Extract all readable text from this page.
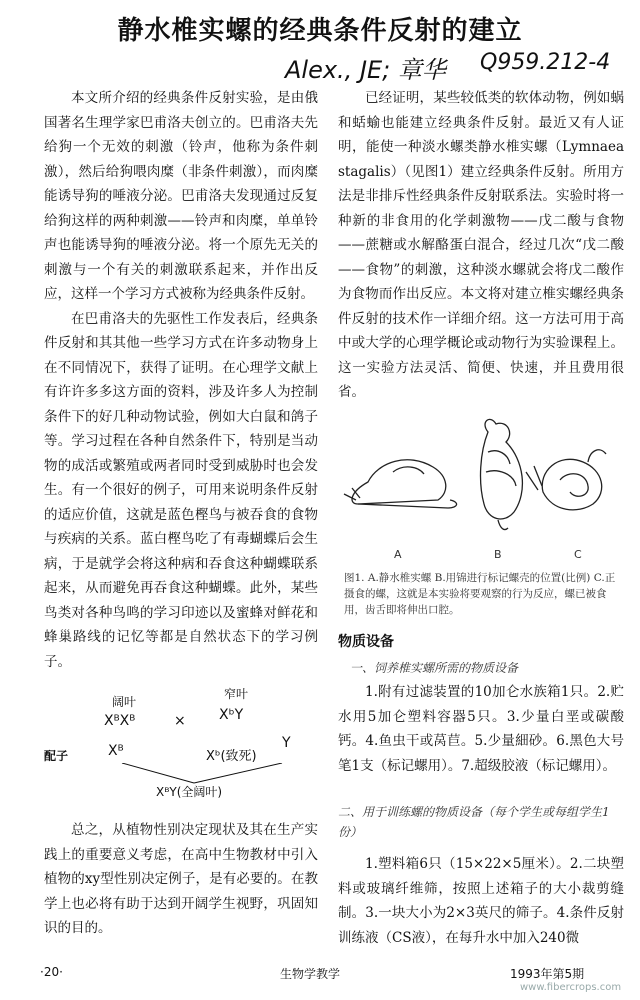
静水椎实螺的经典条件反射的建立
Alex., JE; 章华 Q959.212-4

本文所介绍的经典条件反射实验，是由俄国著名生理学家巴甫洛夫创立的。巴甫洛夫先给狗一个无效的刺激（铃声，他称为条件刺激），然后给狗喂肉糜（非条件刺激），而肉糜能诱导狗的唾液分泌。巴甫洛夫发现通过反复给狗这样的两种刺激——铃声和肉糜，单单铃声也能诱导狗的唾液分泌。将一个原先无关的刺激与一个有关的刺激联系起来，并作出反应，这样一个学习方式被称为经典条件反射。

在巴甫洛夫的先驱性工作发表后，经典条件反射和其其他一些学习方式在许多动物身上在不同情况下，获得了证明。在心理学文献上有许许多多这方面的资料，涉及许多人为控制条件下的好几种动物试验，例如大白鼠和鸽子等。学习过程在各种自然条件下，特别是当动物的成活或繁殖或两者同时受到威胁时也会发生。有一个很好的例子，可用来说明条件反射的适应价值，这就是蓝色樫鸟与被吞食的食物与疾病的关系。蓝白樫鸟吃了有毒蝴蝶后会生病，于是就学会将这种病和吞食这种蝴蝶联系起来，从而避免再吞食这种蝴蝶。此外，某些鸟类对各种鸟鸣的学习印迹以及蜜蜂对鲜花和蜂巢路线的记忆等都是自然状态下的学习例子。

阔叶
窄叶
XᴮXᴮ	× XᵇY
配子	Xᴮ	Xᵇ(致死)
Y
XᴮY(全阔叶)

总之，从植物性别决定现状及其在生产实践上的重要意义考虑，在高中生物教材中引入植物的xy型性别决定例子，是有必要的。在教学上也必将有助于达到开阔学生视野，巩固知识的目的。

已经证明，某些较低类的软体动物，例如蜗和蛞蝓也能建立经典条件反射。最近又有人证明，能使一种淡水螺类静水椎实螺（Lymnaea stagalis）（见图1）建立经典条件反射。所用方法是非排斥性经典条件反射联系法。实验时将一种新的非食用的化学刺激物——戊二酸与食物——蔗糖或水解酪蛋白混合，经过几次“戊二酸——食物”的刺激，这种淡水螺就会将戊二酸作为食物而作出反应。本文将对建立椎实螺经典条件反射的技术作一详细介绍。这一方法可用于高中或大学的心理学概论或动物行为实验课程上。这一实验方法灵活、简便、快速，并且费用很省。

A	B	C
图1. A.静水椎实螺 B.用锦进行标记螺壳的位置(比例) C.正摄食的螺，这就是本实验将要观察的行为反应，螺已被食用，齿舌即将伸出口腔。
物质设备
一、饲养椎实螺所需的物质设备

1.附有过滤装置的10加仑水族箱1只。2.贮水用5加仑塑料容器5只。3.少量白垩或碳酸钙。4.鱼虫干或莴苣。5.少量細砂。6.黑色大号笔1支（标记螺用）。7.超级胶液（标记螺用）。

二、用于训练螺的物质设备（每个学生或每组学生1份）

1.塑料箱6只（15×22×5厘米）。2.二块塑料或玻璃纤维筛，按照上述箱子的大小裁剪缝制。3.一块大小为2×3英尺的筛子。4.条件反射训练液（CS液），在每升水中加入240微

·20·	生物学教学	1993年第5期
www.fibercrops.com
